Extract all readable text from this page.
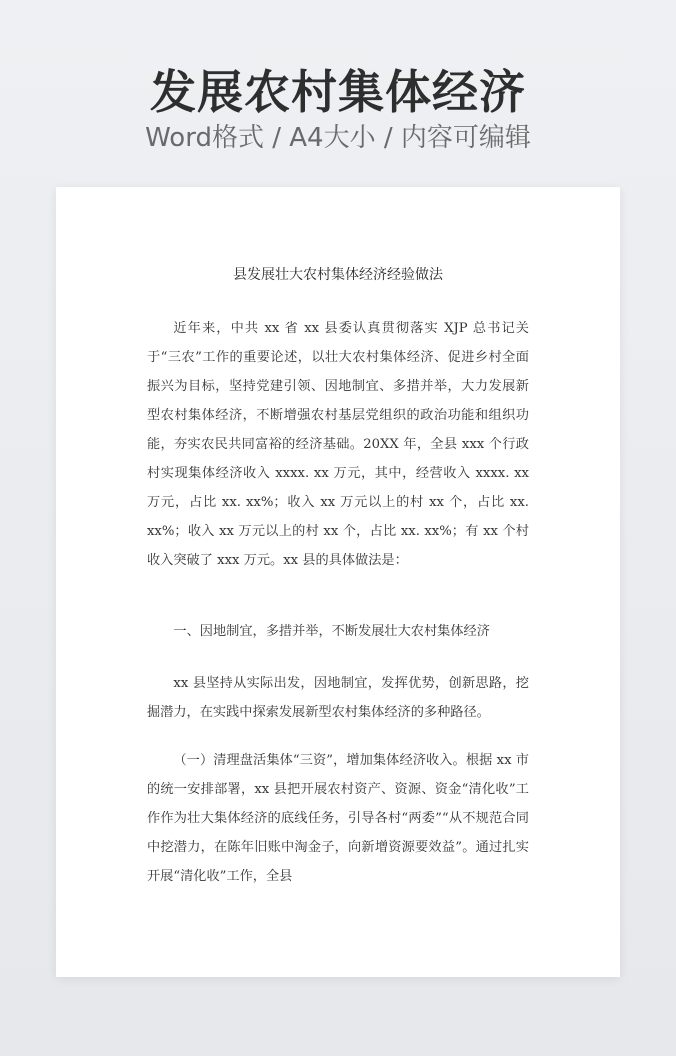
发展农村集体经济
Word格式 / A4大小 / 内容可编辑
县发展壮大农村集体经济经验做法

近年来，中共 xx 省 xx 县委认真贯彻落实 XJP 总书记关于“三农”工作的重要论述，以壮大农村集体经济、促进乡村全面振兴为目标，坚持党建引领、因地制宜、多措并举，大力发展新型农村集体经济，不断增强农村基层党组织的政治功能和组织功能，夯实农民共同富裕的经济基础。20XX 年，全县 xxx 个行政村实现集体经济收入 xxxx. xx 万元，其中，经营收入 xxxx. xx 万元，占比 xx. xx%；收入 xx 万元以上的村 xx 个，占比 xx. xx%；收入 xx 万元以上的村 xx 个，占比 xx. xx%；有 xx 个村收入突破了 xxx 万元。xx 县的具体做法是：

一、因地制宜，多措并举，不断发展壮大农村集体经济

xx 县坚持从实际出发，因地制宜，发挥优势，创新思路，挖掘潜力，在实践中探索发展新型农村集体经济的多种路径。

（一）清理盘活集体“三资”，增加集体经济收入。根据 xx 市的统一安排部署，xx 县把开展农村资产、资源、资金“清化收”工作作为壮大集体经济的底线任务，引导各村“两委”“从不规范合同中挖潜力，在陈年旧账中淘金子，向新增资源要效益”。通过扎实开展“清化收”工作，全县
